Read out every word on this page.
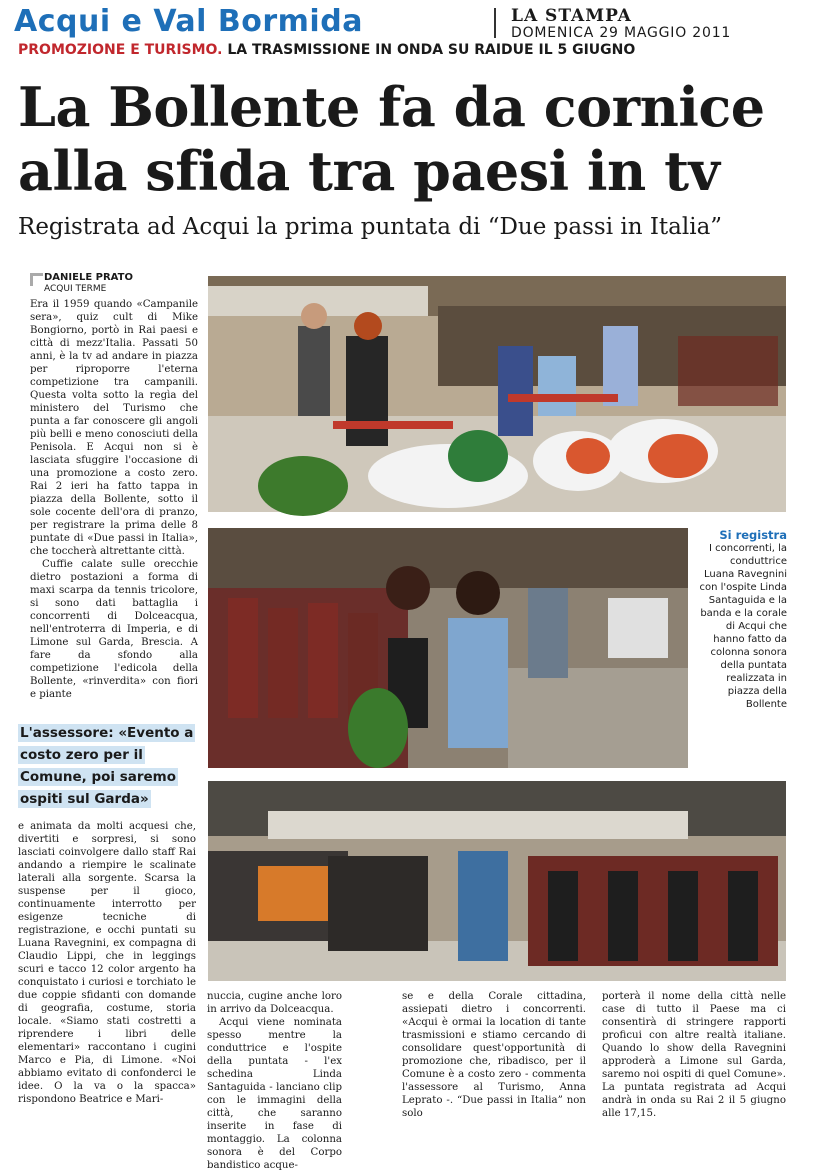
Acqui e Val Bormida	LA STAMPA
DOMENICA 29 MAGGIO 2011
PROMOZIONE E TURISMO. LA TRASMISSIONE IN ONDA SU RAIDUE IL 5 GIUGNO
La Bollente fa da cornice
alla sfida tra paesi in tv
Registrata ad Acqui la prima puntata di “Due passi in Italia”
DANIELE PRATO
ACQUI TERME

Era il 1959 quando «Campanile sera», quiz cult di Mike Bongiorno, portò in Rai paesi e città di mezz'Italia. Passati 50 anni, è la tv ad andare in piazza per riproporre l'eterna competizione tra campanili. Questa volta sotto la regìa del ministero del Turismo che punta a far conoscere gli angoli più belli e meno conosciuti della Penisola. E Acqui non si è lasciata sfuggire l'occasione di una promozione a costo zero. Rai 2 ieri ha fatto tappa in piazza della Bollente, sotto il sole cocente dell'ora di pranzo, per registrare la prima delle 8 puntate di «Due passi in Italia», che toccherà altrettante città.

Cuffie calate sulle orecchie dietro postazioni a forma di maxi scarpa da tennis tricolore, si sono dati battaglia i concorrenti di Dolceacqua, nell'entroterra di Imperia, e di Limone sul Garda, Brescia. A fare da sfondo alla competizione l'edicola della Bollente, «rinverdita» con fiori e piante

L'assessore: «Evento a costo zero per il Comune, poi saremo ospiti sul Garda»

e animata da molti acquesi che, divertiti e sorpresi, si sono lasciati coinvolgere dallo staff Rai andando a riempire le scalinate laterali alla sorgente. Scarsa la suspense per il gioco, continuamente interrotto per esigenze tecniche di registrazione, e occhi puntati su Luana Ravegnini, ex compagna di Claudio Lippi, che in leggings scuri e tacco 12 color argento ha conquistato i curiosi e torchiato le due coppie sfidanti con domande di geografia, costume, storia locale. «Siamo stati costretti a riprendere i libri delle elementari» raccontano i cugini Marco e Pia, di Limone. «Noi abbiamo evitato di confonderci le idee. O la va o la spacca» rispondono Beatrice e Mari-

Si registra
I concorrenti, la conduttrice Luana Ravegnini con l'ospite Linda Santaguida e la banda e la corale di Acqui che hanno fatto da colonna sonora della puntata realizzata in piazza della Bollente

nuccia, cugine anche loro in arrivo da Dolceacqua.

Acqui viene nominata spesso mentre la conduttrice e l'ospite della puntata - l'ex schedina Linda Santaguida - lanciano clip con le immagini della città, che saranno inserite in fase di montaggio. La colonna sonora è del Corpo bandistico acque-

se e della Corale cittadina, assiepati dietro i concorrenti. «Acqui è ormai la location di tante trasmissioni e stiamo cercando di consolidare quest'opportunità di promozione che, ribadisco, per il Comune è a costo zero - commenta l'assessore al Turismo, Anna Leprato -. “Due passi in Italia” non solo

porterà il nome della città nelle case di tutto il Paese ma ci consentirà di stringere rapporti proficui con altre realtà italiane. Quando lo show della Ravegnini approderà a Limone sul Garda, saremo noi ospiti di quel Comune». La puntata registrata ad Acqui andrà in onda su Rai 2 il 5 giugno alle 17,15.
